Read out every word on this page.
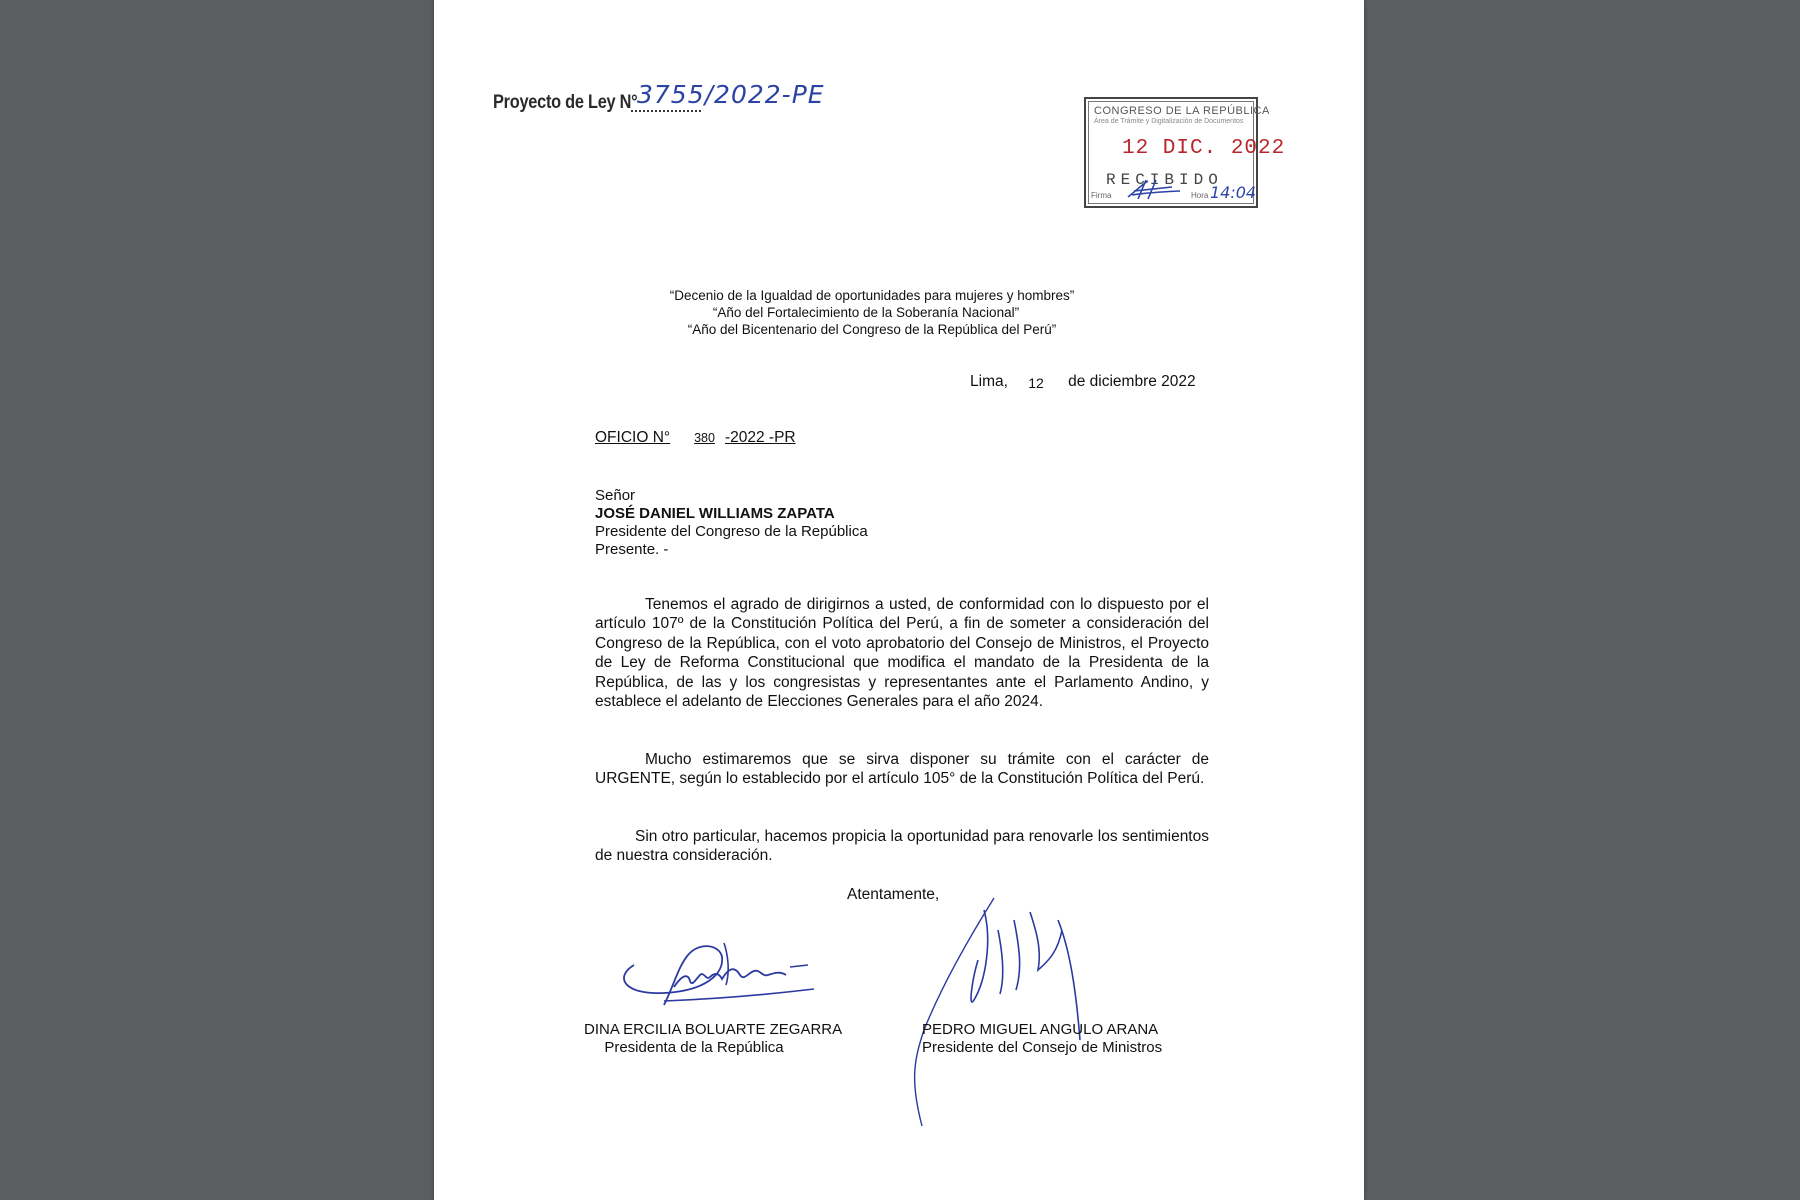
Proyecto de Ley N° 3755/2022-PE
CONGRESO DE LA REPÚBLICA
Área de Trámite y Digitalización de Documentos
12 DIC. 2022
RECIBIDO
Firma	Hora 14:04
“Decenio de la Igualdad de oportunidades para mujeres y hombres”
“Año del Fortalecimiento de la Soberanía Nacional”
“Año del Bicentenario del Congreso de la República del Perú”
Lima, 12 de diciembre 2022
OFICIO N° 380 -2022 -PR
Señor
JOSÉ DANIEL WILLIAMS ZAPATA
Presidente del Congreso de la República
Presente. -

Tenemos el agrado de dirigirnos a usted, de conformidad con lo dispuesto por el artículo 107º de la Constitución Política del Perú, a fin de someter a consideración del Congreso de la República, con el voto aprobatorio del Consejo de Ministros, el Proyecto de Ley de Reforma Constitucional que modifica el mandato de la Presidenta de la República, de las y los congresistas y representantes ante el Parlamento Andino, y establece el adelanto de Elecciones Generales para el año 2024.

Mucho estimaremos que se sirva disponer su trámite con el carácter de URGENTE, según lo establecido por el artículo 105° de la Constitución Política del Perú.

Sin otro particular, hacemos propicia la oportunidad para renovarle los sentimientos de nuestra consideración.

Atentamente,
DINA ERCILIA BOLUARTE ZEGARRA
Presidenta de la República
PEDRO MIGUEL ANGULO ARANA
Presidente del Consejo de Ministros
